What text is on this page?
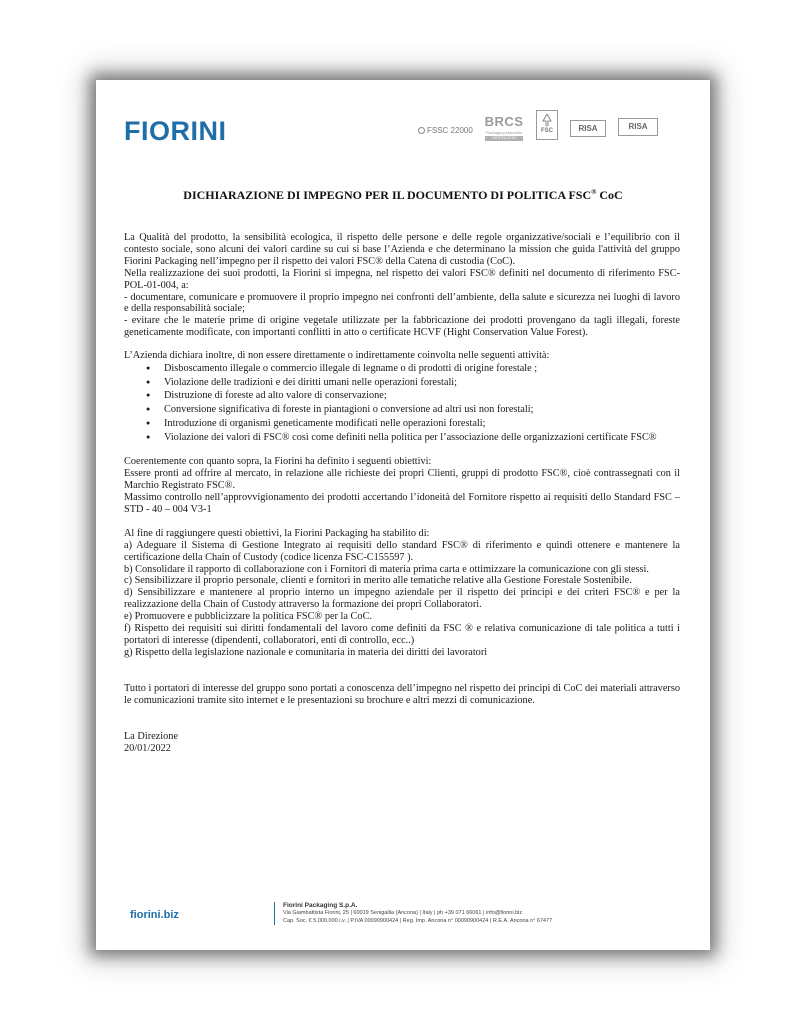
FIORINI	FSSC 22000
BRCS
Packaging Materials
CERTIFICATED
FSC	RISA	RISA
DICHIARAZIONE DI IMPEGNO PER IL DOCUMENTO DI POLITICA FSC® CoC

La Qualità del prodotto, la sensibilità ecologica, il rispetto delle persone e delle regole organizzative/sociali e l’equilibrio con il contesto sociale, sono alcuni dei valori cardine su cui si base l’Azienda e che determinano la mission che guida l'attività del gruppo Fiorini Packaging nell’impegno per il rispetto dei valori FSC® della Catena di custodia (CoC).

Nella realizzazione dei suoi prodotti, la Fiorini si impegna, nel rispetto dei valori FSC® definiti nel documento di riferimento FSC-POL-01-004, a:

- documentare, comunicare e promuovere il proprio impegno nei confronti dell’ambiente, della salute e sicurezza nei luoghi di lavoro e della responsabilità sociale;

- evitare che le materie prime di origine vegetale utilizzate per la fabbricazione dei prodotti provengano da tagli illegali, foreste geneticamente modificate, con importanti conflitti in atto o certificate HCVF (Hight Conservation Value Forest).

L’Azienda dichiara inoltre, di non essere direttamente o indirettamente coinvolta nelle seguenti attività:

● Disboscamento illegale o commercio illegale di legname o di prodotti di origine forestale ;
● Violazione delle tradizioni e dei diritti umani nelle operazioni forestali;
● Distruzione di foreste ad alto valore di conservazione;
● Conversione significativa di foreste in piantagioni o conversione ad altri usi non forestali;
● Introduzione di organismi geneticamente modificati nelle operazioni forestali;
● Violazione dei valori di FSC® così come definiti nella politica per l’associazione delle organizzazioni certificate FSC®

Coerentemente con quanto sopra, la Fiorini ha definito i seguenti obiettivi:

Essere pronti ad offrire al mercato, in relazione alle richieste dei propri Clienti, gruppi di prodotto FSC®, cioè contrassegnati con il Marchio Registrato FSC®.

Massimo controllo nell’approvvigionamento dei prodotti accertando l’idoneità del Fornitore rispetto ai requisiti dello Standard FSC – STD - 40 – 004 V3-1

Al fine di raggiungere questi obiettivi, la Fiorini Packaging ha stabilito di:

a) Adeguare il Sistema di Gestione Integrato ai requisiti dello standard FSC® di riferimento e quindi ottenere e mantenere la certificazione della Chain of Custody (codice licenza FSC-C155597 ).

b) Consolidare il rapporto di collaborazione con i Fornitori di materia prima carta e ottimizzare la comunicazione con gli stessi.

c) Sensibilizzare il proprio personale, clienti e fornitori in merito alle tematiche relative alla Gestione Forestale Sostenibile.

d) Sensibilizzare e mantenere al proprio interno un impegno aziendale per il rispetto dei principi e dei criteri FSC® e per la realizzazione della Chain of Custody attraverso la formazione dei propri Collaboratori.

e) Promuovere e pubblicizzare la politica FSC® per la CoC.

f) Rispetto dei requisiti sui diritti fondamentali del lavoro come definiti da FSC ® e relativa comunicazione di tale politica a tutti i portatori di interesse (dipendenti, collaboratori, enti di controllo, ecc..)

g) Rispetto della legislazione nazionale e comunitaria in materia dei diritti dei lavoratori

Tutto i portatori di interesse del gruppo sono portati a conoscenza dell’impegno nel rispetto dei principi di CoC dei materiali attraverso le comunicazioni tramite sito internet e le presentazioni su brochure e altri mezzi di comunicazione.

La Direzione

20/01/2022

fiorini.biz
Fiorini Packaging S.p.A.
Via Giambattista Fiorini, 25 | 60019 Senigallia (Ancona) | Italy | ph +39 071 66061 | info@fiorini.biz
Cap. Soc. € 5.000.000 i.v. | P.IVA 00090900424 | Reg. Imp. Ancona n° 00090900424 | R.E.A. Ancona n° 67477
